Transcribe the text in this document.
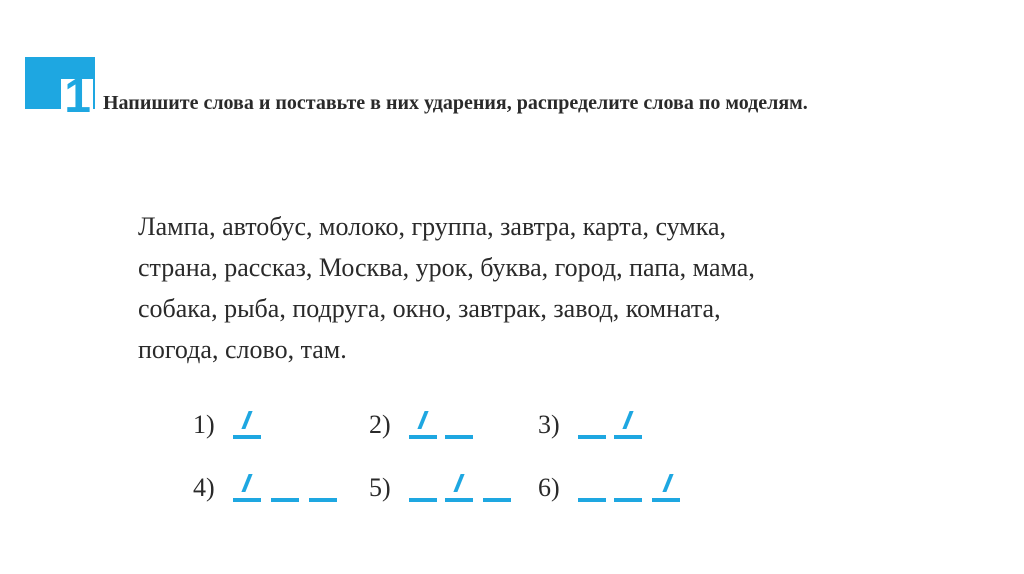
1 Напишите слова и поставьте в них ударения, распределите слова по моделям.

Лампа, автобус, молоко, группа, завтра, карта, сумка,
страна, рассказ, Москва, урок, буква, город, папа, мама,
собака, рыба, подруга, окно, завтрак, завод, комната,
погода, слово, там.
1)	2)	3)
4)	5)	6)
